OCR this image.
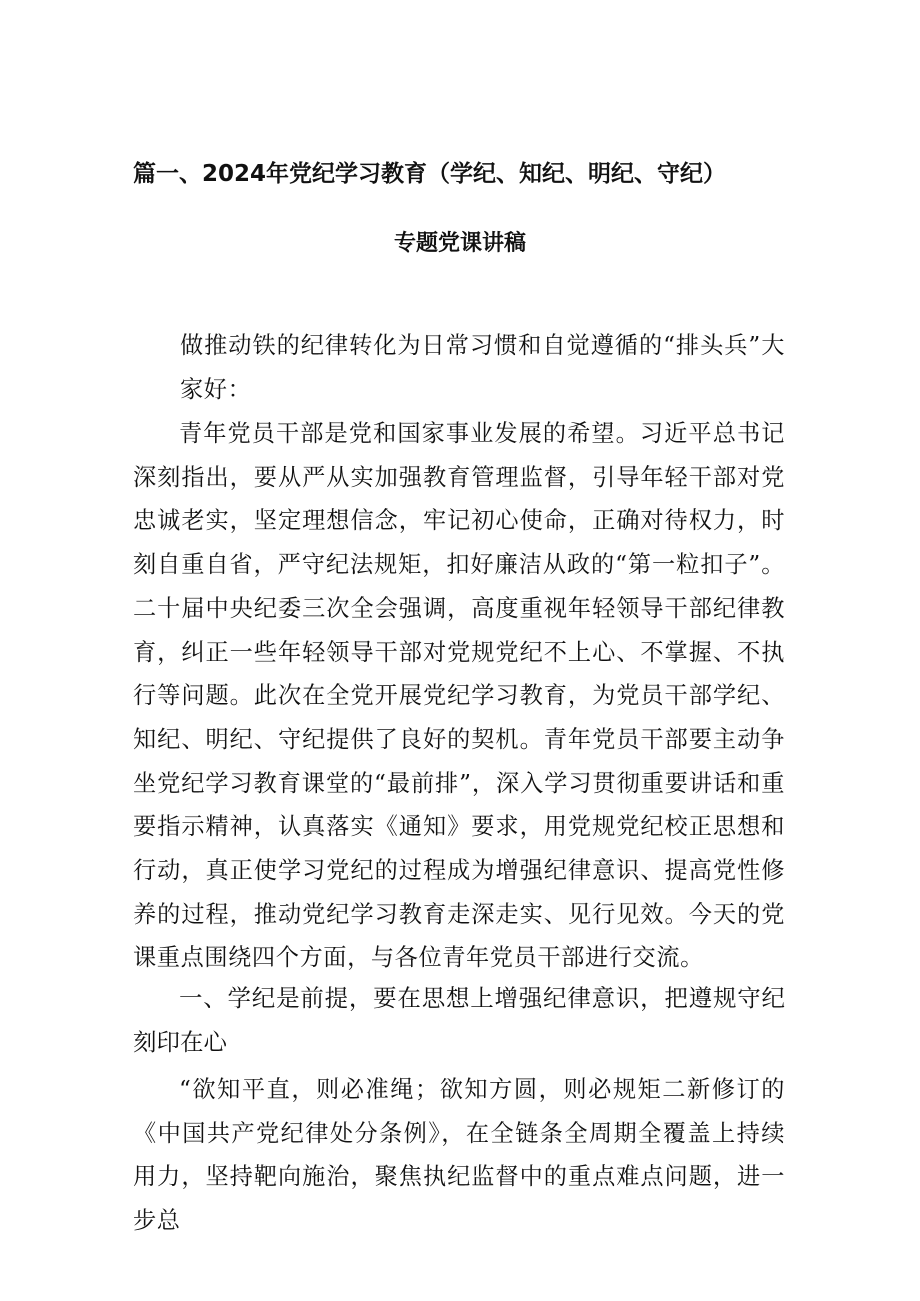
篇一、2024年党纪学习教育（学纪、知纪、明纪、守纪）
专题党课讲稿
做推动铁的纪律转化为日常习惯和自觉遵循的“排头兵”大家好：
青年党员干部是党和国家事业发展的希望。习近平总书记深刻指出，要从严从实加强教育管理监督，引导年轻干部对党忠诚老实，坚定理想信念，牢记初心使命，正确对待权力，时刻自重自省，严守纪法规矩，扣好廉洁从政的“第一粒扣子”。二十届中央纪委三次全会强调，高度重视年轻领导干部纪律教育，纠正一些年轻领导干部对党规党纪不上心、不掌握、不执行等问题。此次在全党开展党纪学习教育，为党员干部学纪、知纪、明纪、守纪提供了良好的契机。青年党员干部要主动争坐党纪学习教育课堂的“最前排”，深入学习贯彻重要讲话和重要指示精神，认真落实《通知》要求，用党规党纪校正思想和行动，真正使学习党纪的过程成为增强纪律意识、提高党性修养的过程，推动党纪学习教育走深走实、见行见效。今天的党课重点围绕四个方面，与各位青年党员干部进行交流。
一、学纪是前提，要在思想上增强纪律意识，把遵规守纪刻印在心
“欲知平直，则必准绳；欲知方圆，则必规矩二新修订的《中国共产党纪律处分条例》，在全链条全周期全覆盖上持续用力，坚持靶向施治，聚焦执纪监督中的重点难点问题，进一步总
